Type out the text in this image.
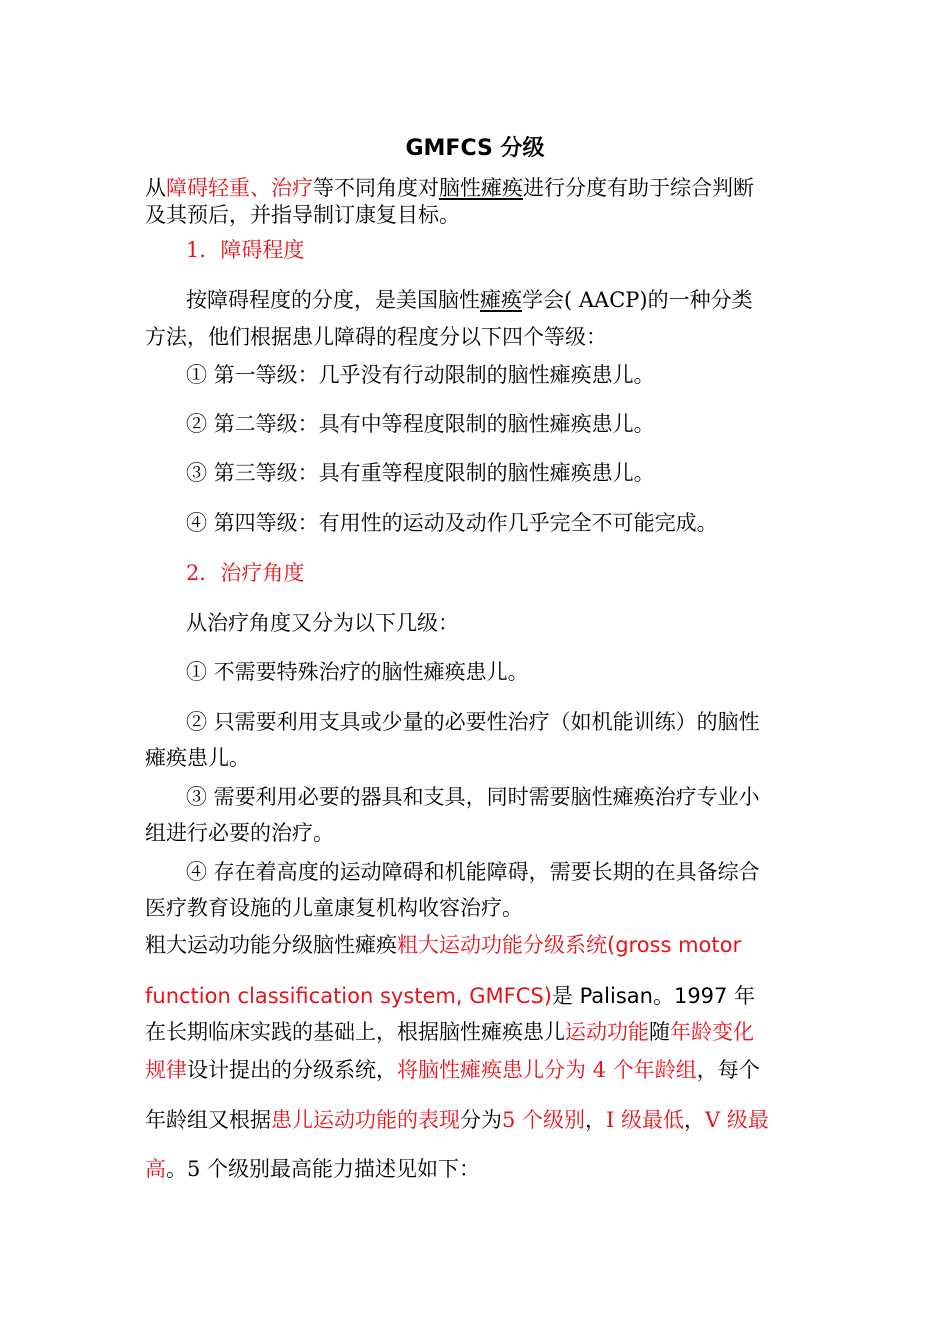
GMFCS 分级
从障碍轻重、治疗等不同角度对脑性瘫痪进行分度有助于综合判断
及其预后，并指导制订康复目标。
1．障碍程度
按障碍程度的分度，是美国脑性瘫痪学会( AACP)的一种分类
方法，他们根据患儿障碍的程度分以下四个等级：
① 第一等级：几乎没有行动限制的脑性瘫痪患儿。
② 第二等级：具有中等程度限制的脑性瘫痪患儿。
③ 第三等级：具有重等程度限制的脑性瘫痪患儿。
④ 第四等级：有用性的运动及动作几乎完全不可能完成。
2．治疗角度
从治疗角度又分为以下几级：
① 不需要特殊治疗的脑性瘫痪患儿。
② 只需要利用支具或少量的必要性治疗（如机能训练）的脑性
瘫痪患儿。
③ 需要利用必要的器具和支具，同时需要脑性瘫痪治疗专业小
组进行必要的治疗。
④ 存在着高度的运动障碍和机能障碍，需要长期的在具备综合
医疗教育设施的儿童康复机构收容治疗。
粗大运动功能分级脑性瘫痪粗大运动功能分级系统(gross motor
function classification system, GMFCS)是 Palisan。1997 年
在长期临床实践的基础上，根据脑性瘫痪患儿运动功能随年龄变化
规律设计提出的分级系统，将脑性瘫痪患儿分为 4 个年龄组，每个
年龄组又根据患儿运动功能的表现分为5 个级别，I 级最低，V 级最
高。5 个级别最高能力描述见如下：
